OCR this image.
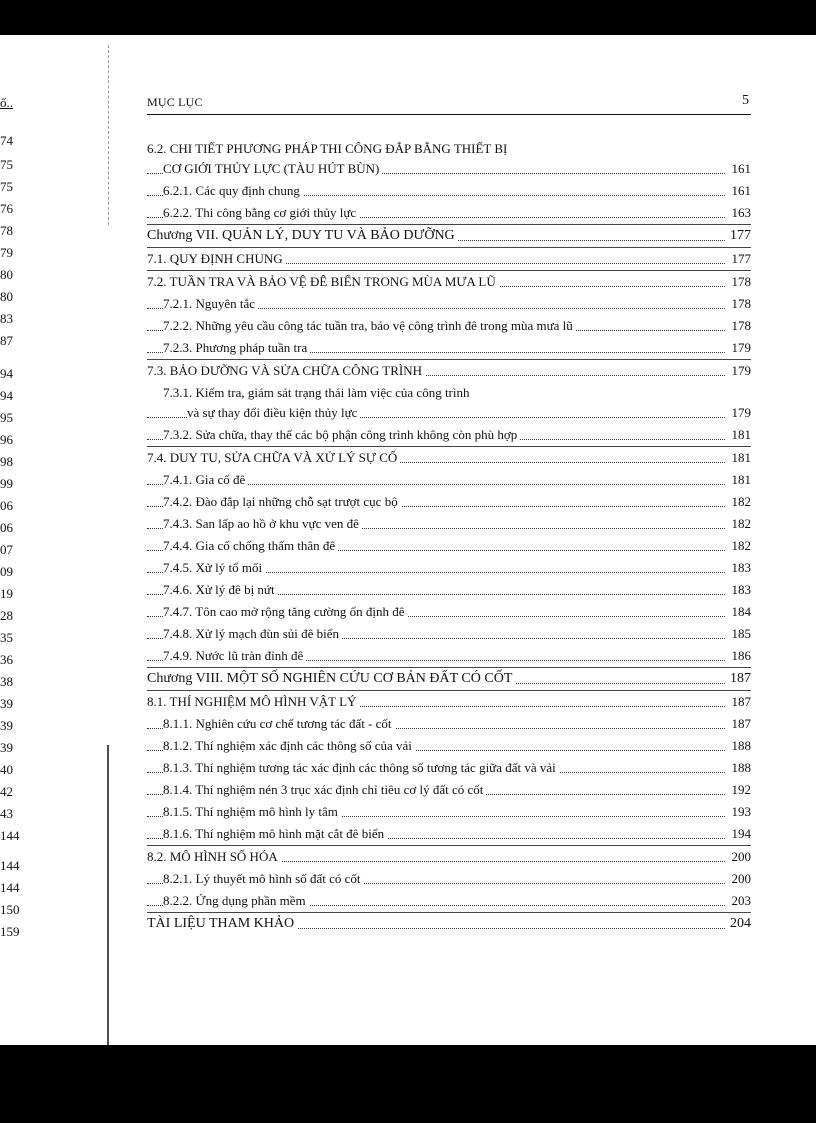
ố..
74
75
75
76
78
79
80
80
83
87
94
94
95
96
98
99
06
06
07
09
19
28
35
36
38
39
39
39
40
42
43
144
144
144
150
159
MỤC LỤC	5
6.2. CHI TIẾT PHƯƠNG PHÁP THI CÔNG ĐẮP BẰNG THIẾT BỊ
CƠ GIỚI THỦY LỰC (TÀU HÚT BÙN)	161
6.2.1. Các quy định chung	161
6.2.2. Thi công bằng cơ giới thủy lực	163
Chương VII. QUẢN LÝ, DUY TU VÀ BẢO DƯỠNG	177
7.1. QUY ĐỊNH CHUNG	177
7.2. TUẦN TRA VÀ BẢO VỆ ĐÊ BIỂN TRONG MÙA MƯA LŨ	178
7.2.1. Nguyên tắc	178
7.2.2. Những yêu cầu công tác tuần tra, bảo vệ công trình đê trong mùa mưa lũ	178
7.2.3. Phương pháp tuần tra	179
7.3. BẢO DƯỠNG VÀ SỬA CHỮA CÔNG TRÌNH	179
7.3.1. Kiểm tra, giám sát trạng thái làm việc của công trình
và sự thay đổi điều kiện thủy lực	179
7.3.2. Sửa chữa, thay thế các bộ phận công trình không còn phù hợp	181
7.4. DUY TU, SỬA CHỮA VÀ XỬ LÝ SỰ CỐ	181
7.4.1. Gia cố đê	181
7.4.2. Đào đắp lại những chỗ sạt trượt cục bộ	182
7.4.3. San lấp ao hồ ở khu vực ven đê	182
7.4.4. Gia cố chống thấm thân đê	182
7.4.5. Xử lý tổ mối	183
7.4.6. Xử lý đê bị nứt	183
7.4.7. Tôn cao mở rộng tăng cường ổn định đê	184
7.4.8. Xử lý mạch đùn sủi đê biển	185
7.4.9. Nước lũ tràn đỉnh đê	186
Chương VIII. MỘT SỐ NGHIÊN CỨU CƠ BẢN ĐẤT CÓ CỐT	187
8.1. THÍ NGHIỆM MÔ HÌNH VẬT LÝ	187
8.1.1. Nghiên cứu cơ chế tương tác đất - cốt	187
8.1.2. Thí nghiệm xác định các thông số của vải	188
8.1.3. Thí nghiệm tương tác xác định các thông số tương tác giữa đất và vải	188
8.1.4. Thí nghiệm nén 3 trục xác định chỉ tiêu cơ lý đất có cốt	192
8.1.5. Thí nghiệm mô hình ly tâm	193
8.1.6. Thí nghiệm mô hình mặt cắt đê biển	194
8.2. MÔ HÌNH SỐ HÓA	200
8.2.1. Lý thuyết mô hình số đất có cốt	200
8.2.2. Ứng dụng phần mềm	203
TÀI LIỆU THAM KHẢO	204
